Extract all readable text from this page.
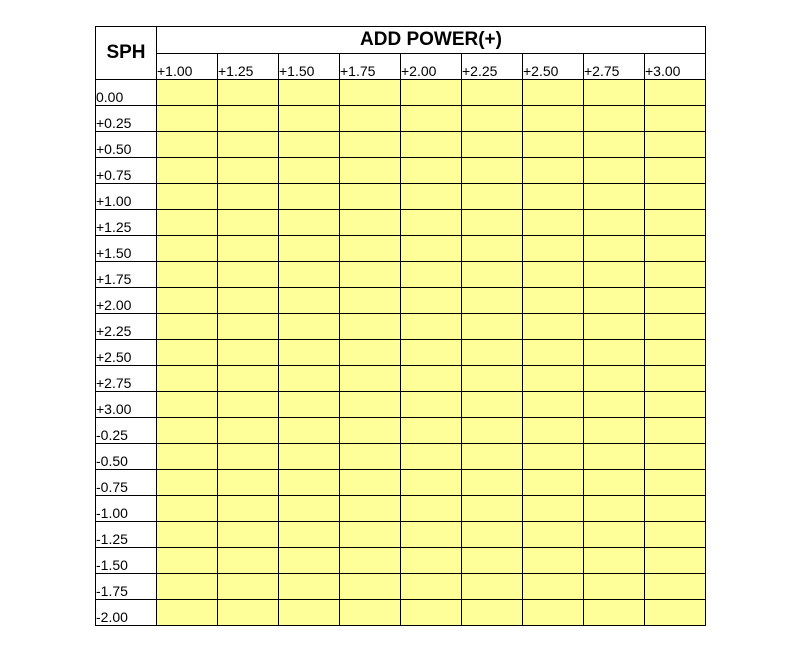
SPH	ADD POWER(+)								
	+1.00	+1.25	+1.50	+1.75	+2.00	+2.25	+2.50	+2.75	+3.00
0.00									
+0.25									
+0.50									
+0.75									
+1.00									
+1.25									
+1.50									
+1.75									
+2.00									
+2.25									
+2.50									
+2.75									
+3.00									
-0.25									
-0.50									
-0.75									
-1.00									
-1.25									
-1.50									
-1.75									
-2.00									
